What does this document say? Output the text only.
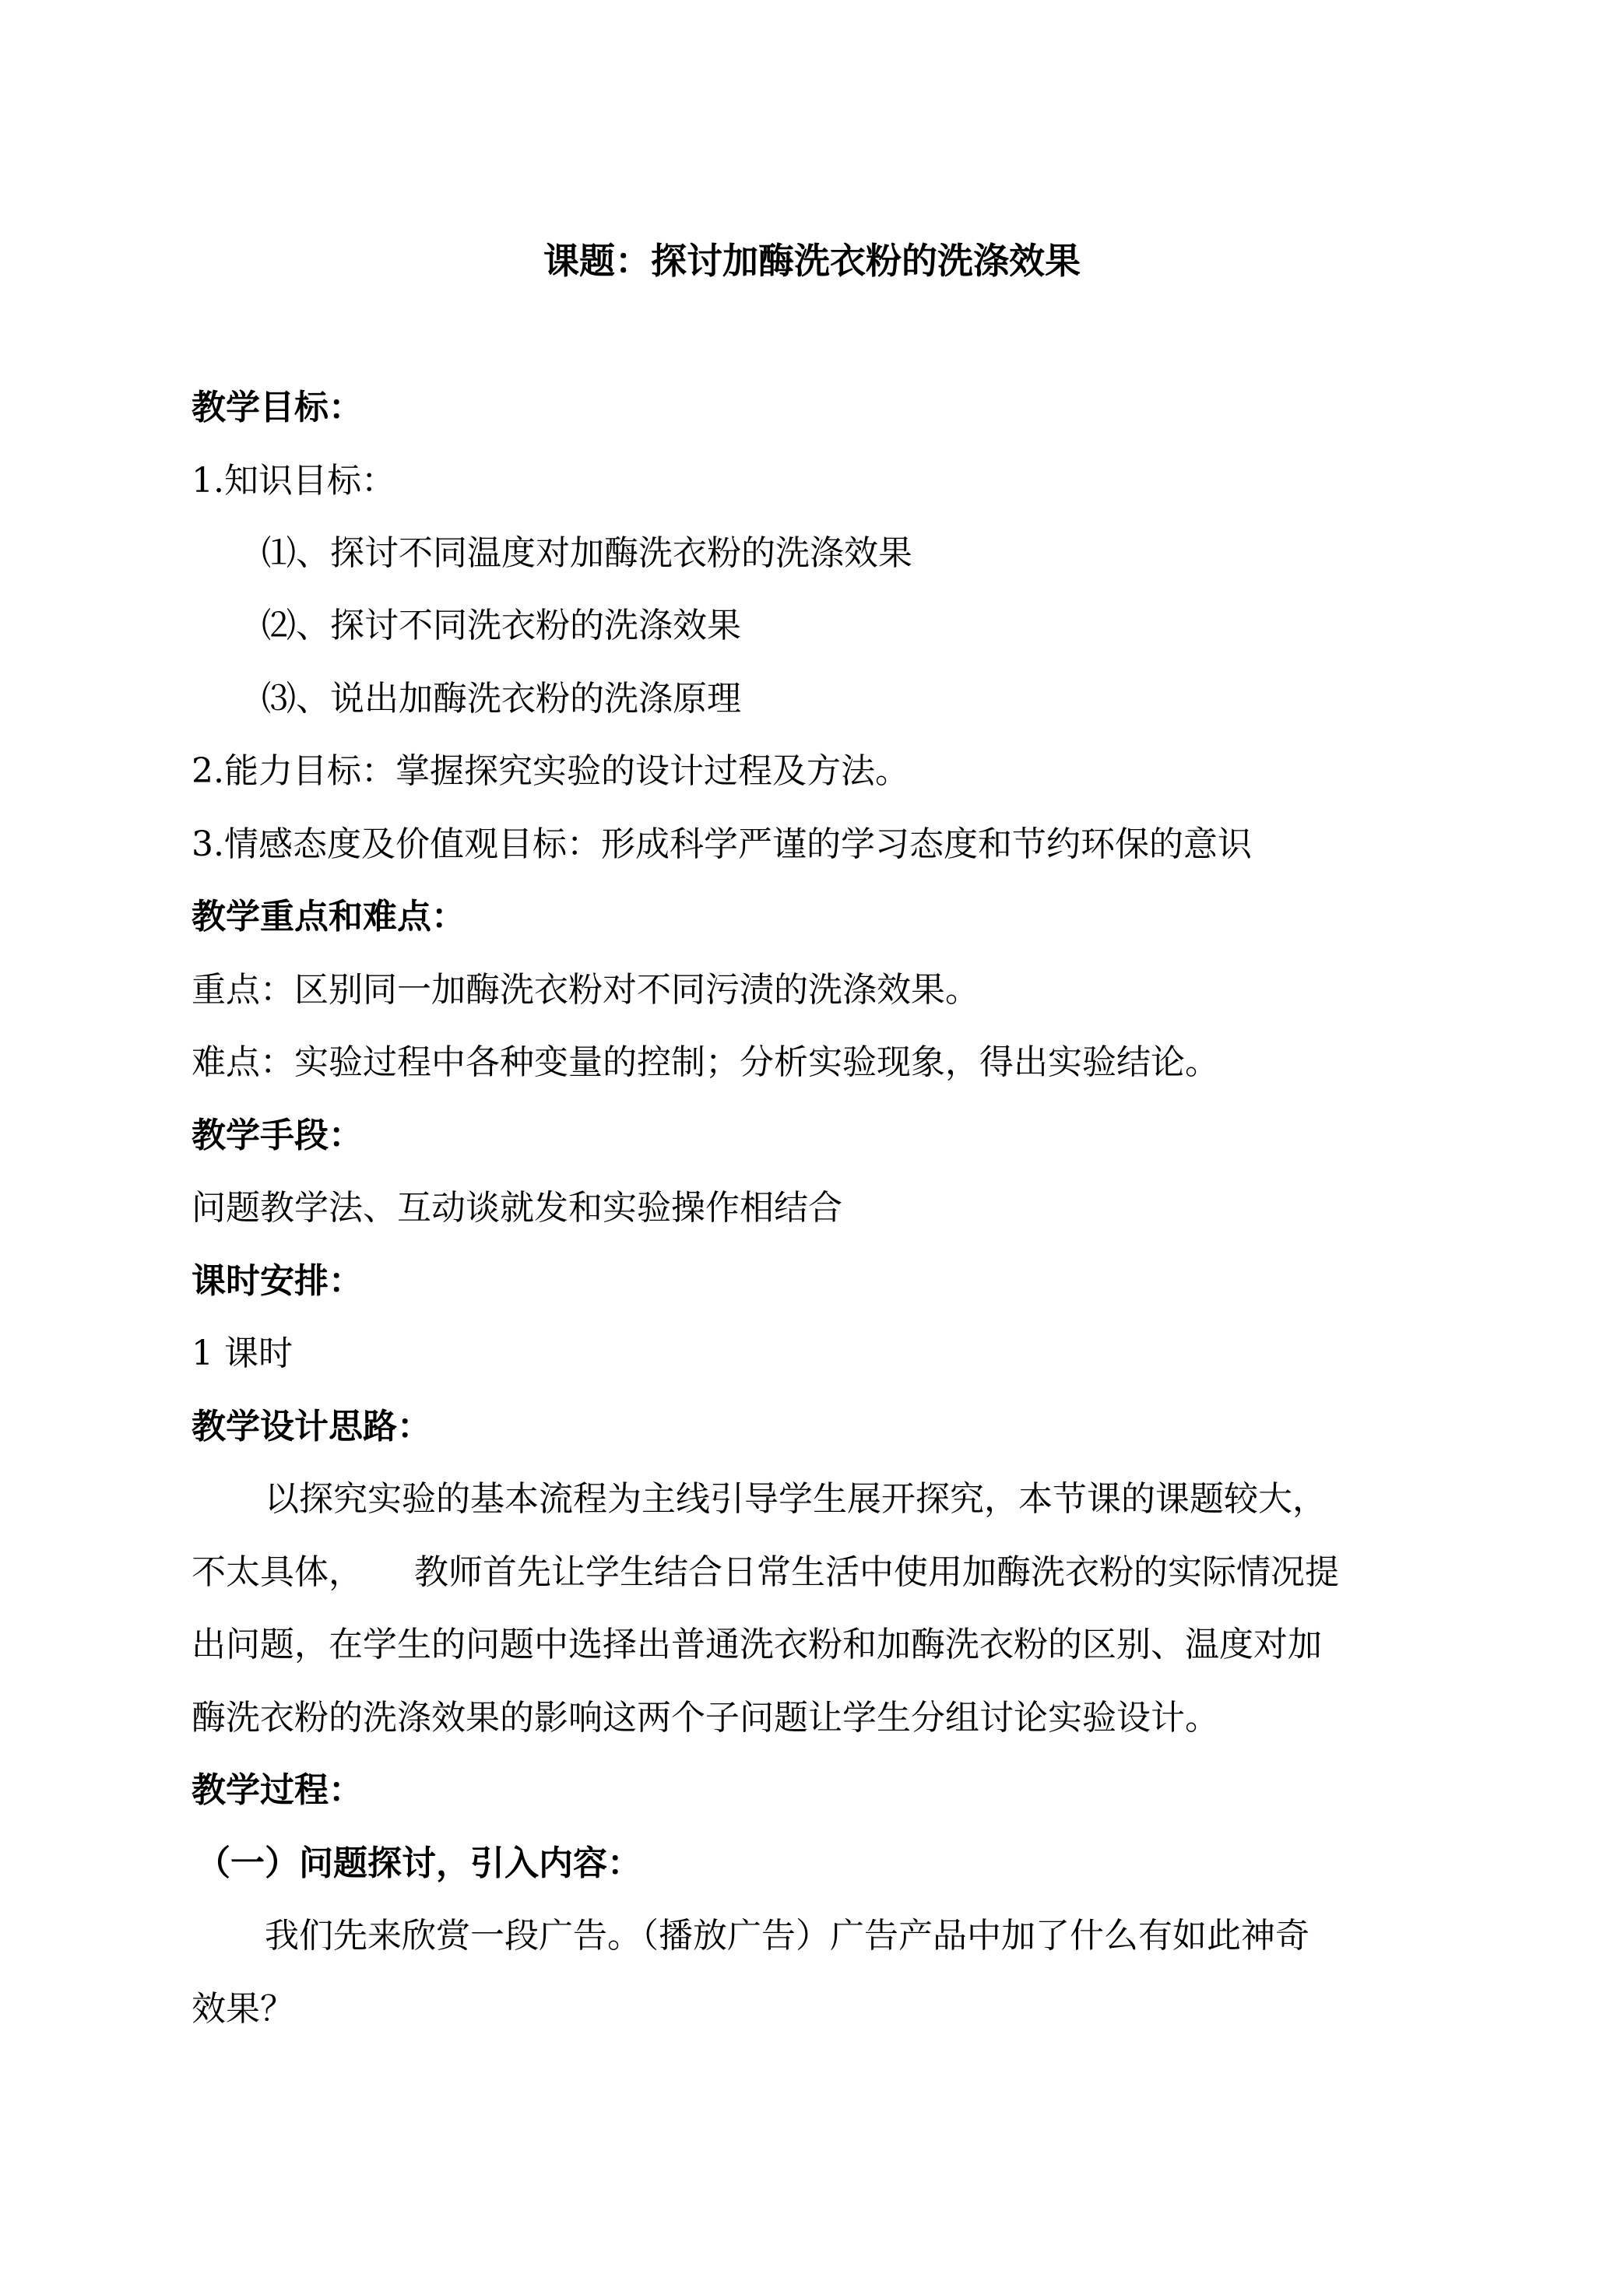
课题：探讨加酶洗衣粉的洗涤效果
教学目标：
1.知识目标：
⑴、探讨不同温度对加酶洗衣粉的洗涤效果
⑵、探讨不同洗衣粉的洗涤效果
⑶、说出加酶洗衣粉的洗涤原理
2.能力目标：掌握探究实验的设计过程及方法。
3.情感态度及价值观目标：形成科学严谨的学习态度和节约环保的意识
教学重点和难点：
重点：区别同一加酶洗衣粉对不同污渍的洗涤效果。
难点：实验过程中各种变量的控制；分析实验现象，得出实验结论。
教学手段：
问题教学法、互动谈就发和实验操作相结合
课时安排：
1 课时
教学设计思路：
以探究实验的基本流程为主线引导学生展开探究，本节课的课题较大，
不太具体，　　教师首先让学生结合日常生活中使用加酶洗衣粉的实际情况提
出问题，在学生的问题中选择出普通洗衣粉和加酶洗衣粉的区别、温度对加
酶洗衣粉的洗涤效果的影响这两个子问题让学生分组讨论实验设计。
教学过程：
（一）问题探讨，引入内容：
我们先来欣赏一段广告。（播放广告）广告产品中加了什么有如此神奇
效果？
